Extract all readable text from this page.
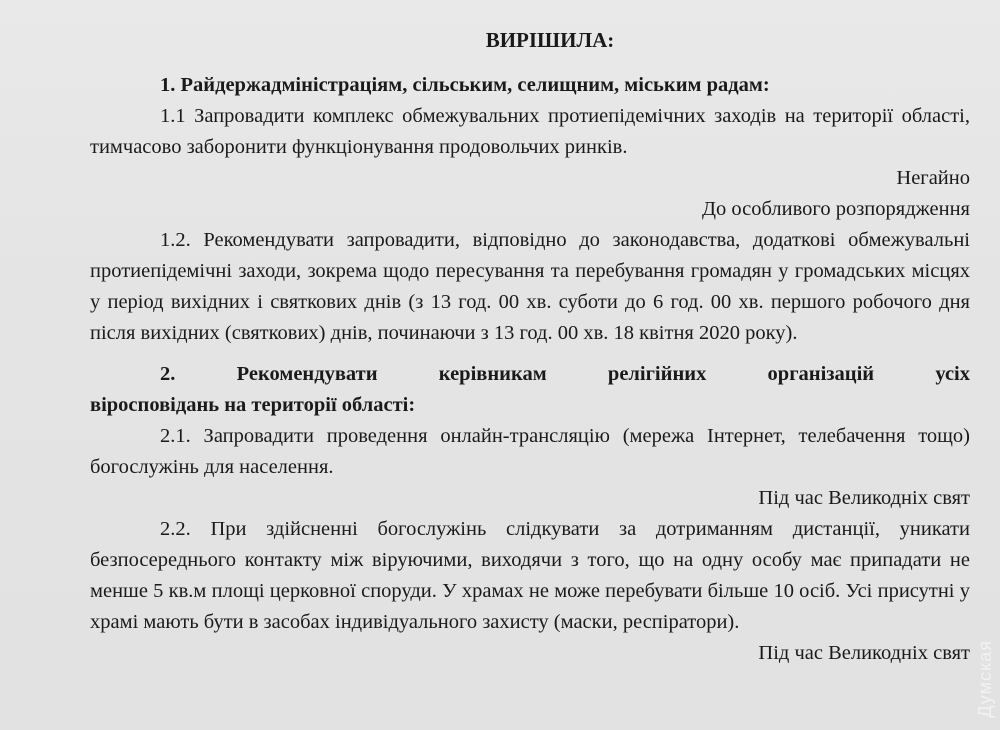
ВИРІШИЛА:

1. Райдержадміністраціям, сільським, селищним, міським радам:

1.1 Запровадити комплекс обмежувальних протиепідемічних заходів на території області, тимчасово заборонити функціонування продовольчих ринків.

Негайно

До особливого розпорядження

1.2. Рекомендувати запровадити, відповідно до законодавства, додаткові обмежувальні протиепідемічні заходи, зокрема щодо пересування та перебування громадян у громадських місцях у період вихідних і святкових днів (з 13 год. 00 хв. суботи до 6 год. 00 хв. першого робочого дня після вихідних (святкових) днів, починаючи з 13 год. 00 хв. 18 квітня 2020 року).

2. Рекомендувати керівникам релігійних організацій усіх

віросповідань на території області:

2.1. Запровадити проведення онлайн-трансляцію (мережа Інтернет, телебачення тощо) богослужінь для населення.

Під час Великодніх свят

2.2. При здійсненні богослужінь слідкувати за дотриманням дистанції, уникати безпосереднього контакту між віруючими, виходячи з того, що на одну особу має припадати не менше 5 кв.м площі церковної споруди. У храмах не може перебувати більше 10 осіб. Усі присутні у храмі мають бути в засобах індивідуального захисту (маски, респіратори).

Під час Великодніх свят Думская
